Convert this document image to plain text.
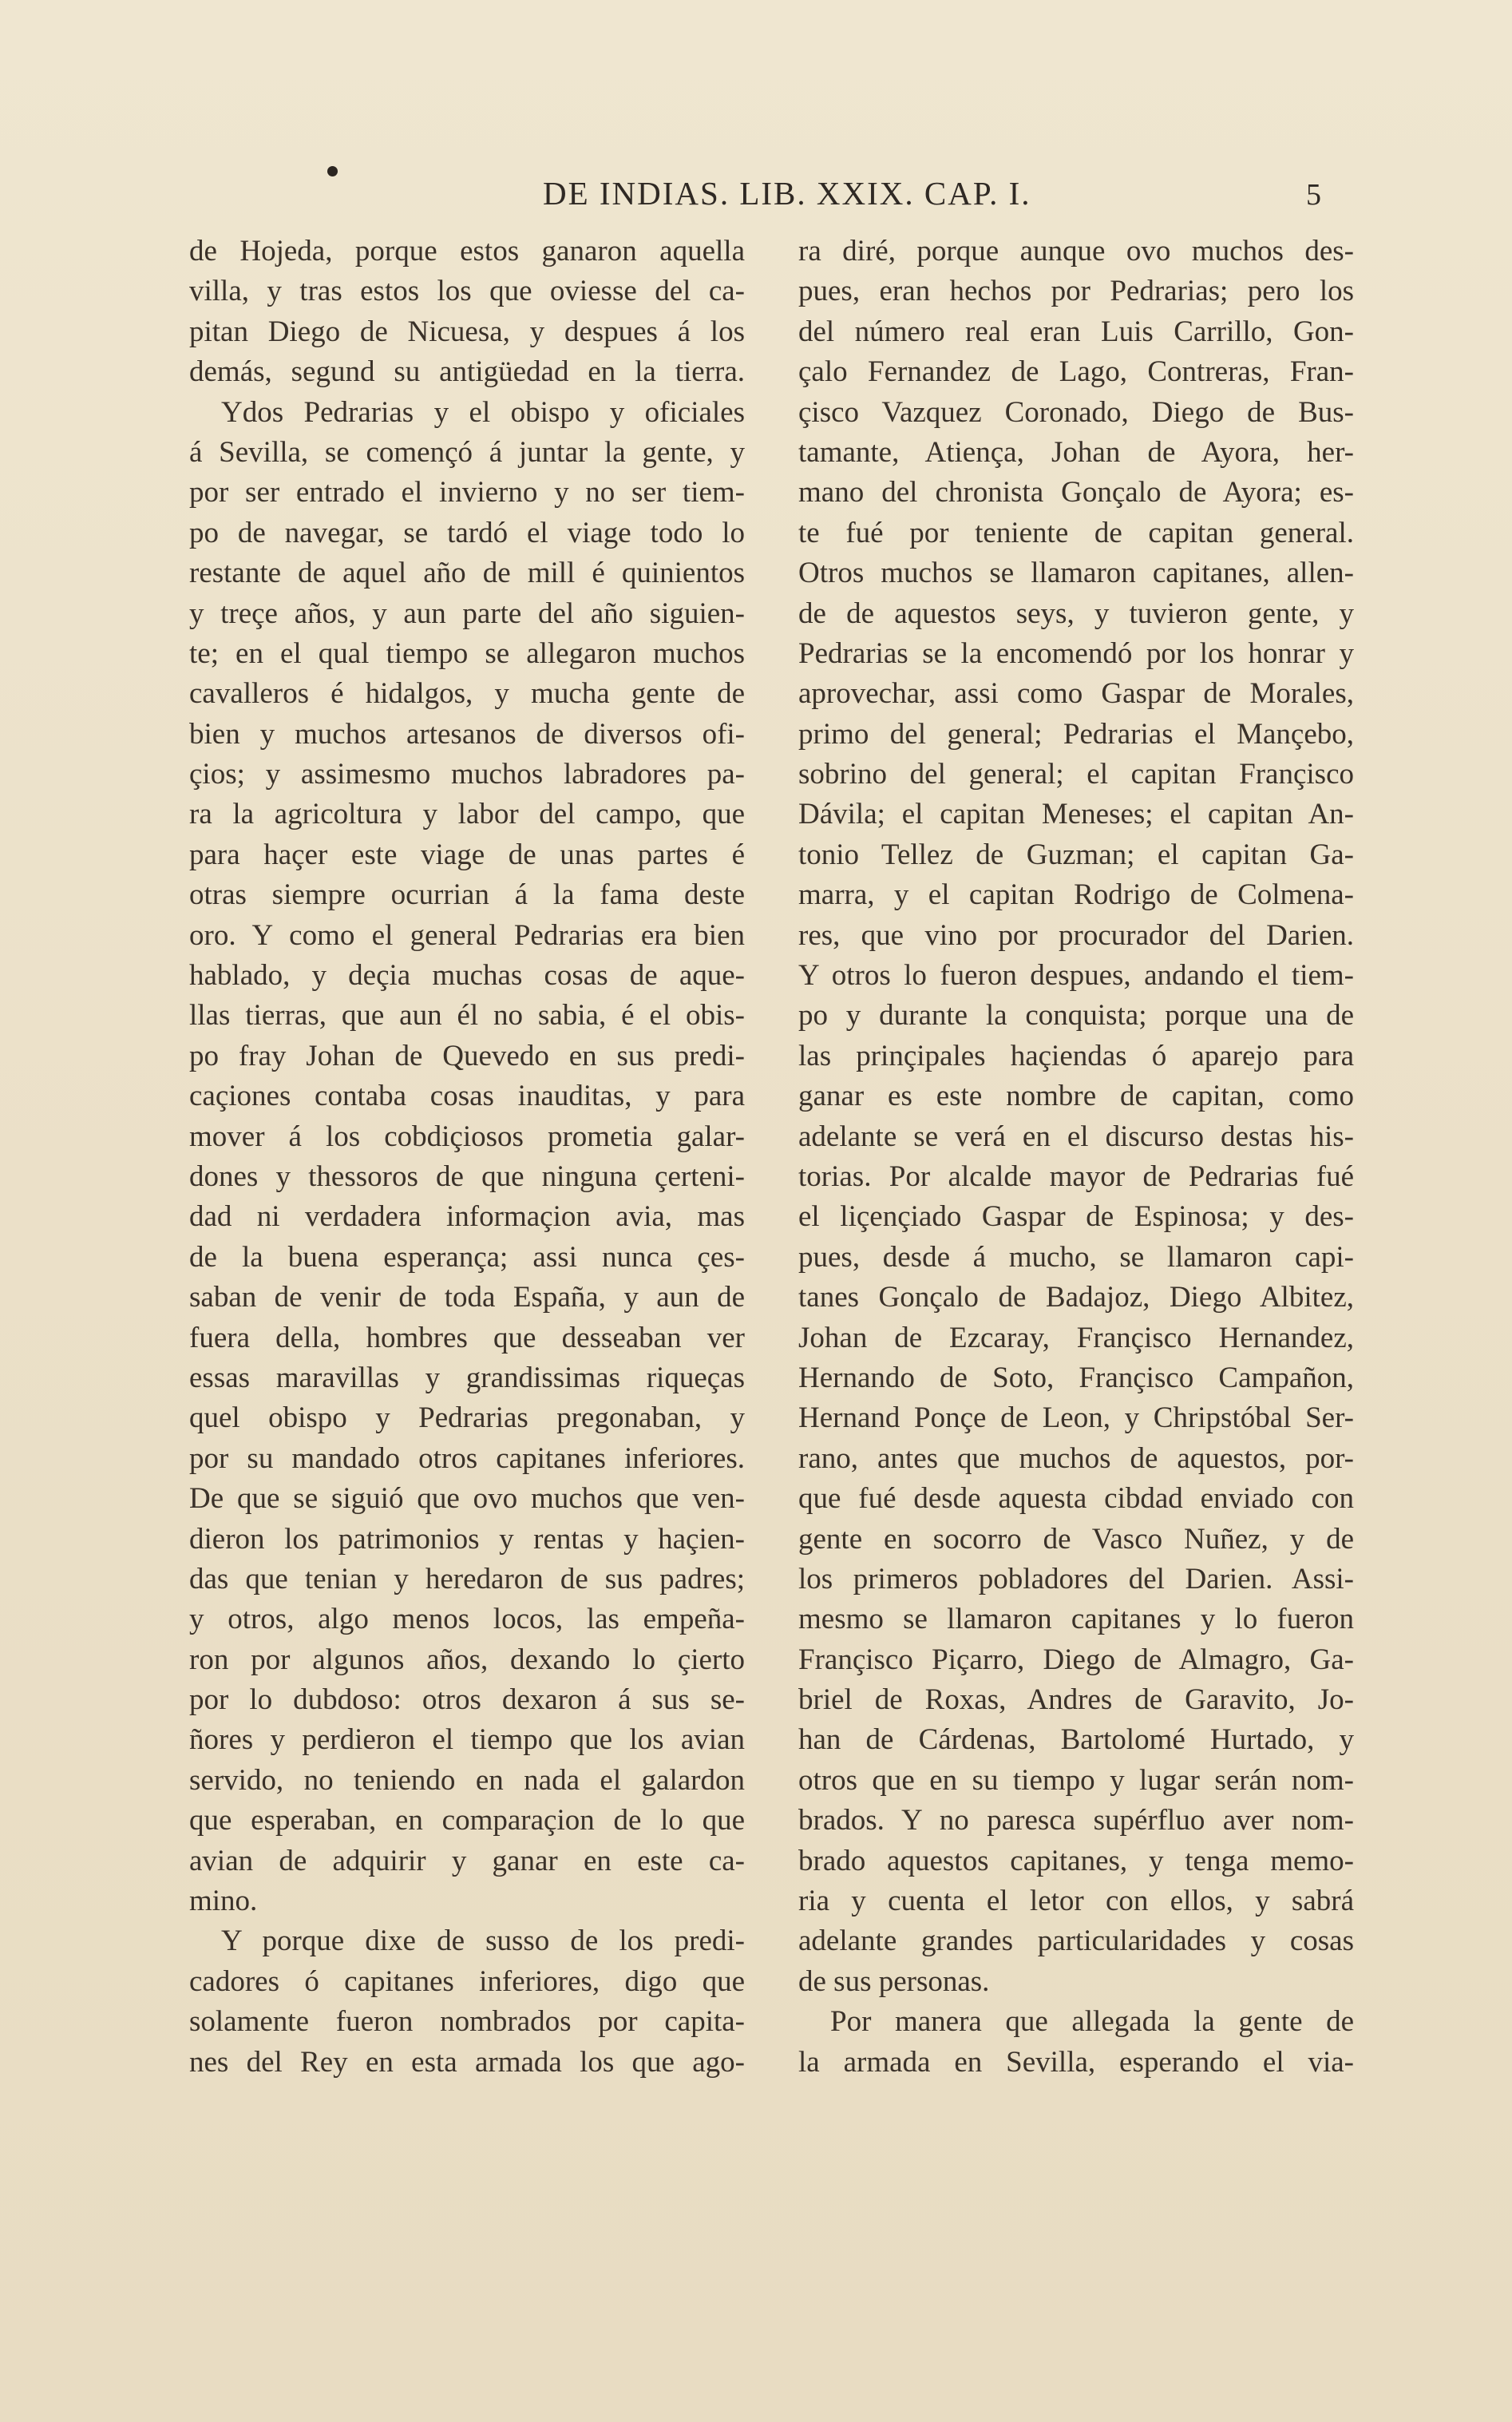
DE INDIAS. LIB. XXIX. CAP. I.	5
de Hojeda, porque estos ganaron aquella
villa, y tras estos los que oviesse del ca-
pitan Diego de Nicuesa, y despues á los
demás, segund su antigüedad en la tierra.
Ydos Pedrarias y el obispo y oficiales
á Sevilla, se començó á juntar la gente, y
por ser entrado el invierno y no ser tiem-
po de navegar, se tardó el viage todo lo
restante de aquel año de mill é quinientos
y treçe años, y aun parte del año siguien-
te; en el qual tiempo se allegaron muchos
cavalleros é hidalgos, y mucha gente de
bien y muchos artesanos de diversos ofi-
çios; y assimesmo muchos labradores pa-
ra la agricoltura y labor del campo, que
para haçer este viage de unas partes é
otras siempre ocurrian á la fama deste
oro. Y como el general Pedrarias era bien
hablado, y deçia muchas cosas de aque-
llas tierras, que aun él no sabia, é el obis-
po fray Johan de Quevedo en sus predi-
caçiones contaba cosas inauditas, y para
mover á los cobdiçiosos prometia galar-
dones y thessoros de que ninguna çerteni-
dad ni verdadera informaçion avia, mas
de la buena esperança; assi nunca çes-
saban de venir de toda España, y aun de
fuera della, hombres que desseaban ver
essas maravillas y grandissimas riqueças
quel obispo y Pedrarias pregonaban, y
por su mandado otros capitanes inferiores.
De que se siguió que ovo muchos que ven-
dieron los patrimonios y rentas y haçien-
das que tenian y heredaron de sus padres;
y otros, algo menos locos, las empeña-
ron por algunos años, dexando lo çierto
por lo dubdoso: otros dexaron á sus se-
ñores y perdieron el tiempo que los avian
servido, no teniendo en nada el galardon
que esperaban, en comparaçion de lo que
avian de adquirir y ganar en este ca-
mino.
Y porque dixe de susso de los predi-
cadores ó capitanes inferiores, digo que
solamente fueron nombrados por capita-
nes del Rey en esta armada los que ago-
ra diré, porque aunque ovo muchos des-
pues, eran hechos por Pedrarias; pero los
del número real eran Luis Carrillo, Gon-
çalo Fernandez de Lago, Contreras, Fran-
çisco Vazquez Coronado, Diego de Bus-
tamante, Atiença, Johan de Ayora, her-
mano del chronista Gonçalo de Ayora; es-
te fué por teniente de capitan general.
Otros muchos se llamaron capitanes, allen-
de de aquestos seys, y tuvieron gente, y
Pedrarias se la encomendó por los honrar y
aprovechar, assi como Gaspar de Morales,
primo del general; Pedrarias el Mançebo,
sobrino del general; el capitan Françisco
Dávila; el capitan Meneses; el capitan An-
tonio Tellez de Guzman; el capitan Ga-
marra, y el capitan Rodrigo de Colmena-
res, que vino por procurador del Darien.
Y otros lo fueron despues, andando el tiem-
po y durante la conquista; porque una de
las prinçipales haçiendas ó aparejo para
ganar es este nombre de capitan, como
adelante se verá en el discurso destas his-
torias. Por alcalde mayor de Pedrarias fué
el liçençiado Gaspar de Espinosa; y des-
pues, desde á mucho, se llamaron capi-
tanes Gonçalo de Badajoz, Diego Albitez,
Johan de Ezcaray, Françisco Hernandez,
Hernando de Soto, Françisco Campañon,
Hernand Ponçe de Leon, y Chripstóbal Ser-
rano, antes que muchos de aquestos, por-
que fué desde aquesta cibdad enviado con
gente en socorro de Vasco Nuñez, y de
los primeros pobladores del Darien. Assi-
mesmo se llamaron capitanes y lo fueron
Françisco Piçarro, Diego de Almagro, Ga-
briel de Roxas, Andres de Garavito, Jo-
han de Cárdenas, Bartolomé Hurtado, y
otros que en su tiempo y lugar serán nom-
brados. Y no paresca supérfluo aver nom-
brado aquestos capitanes, y tenga memo-
ria y cuenta el letor con ellos, y sabrá
adelante grandes particularidades y cosas
de sus personas.
Por manera que allegada la gente de
la armada en Sevilla, esperando el via-
